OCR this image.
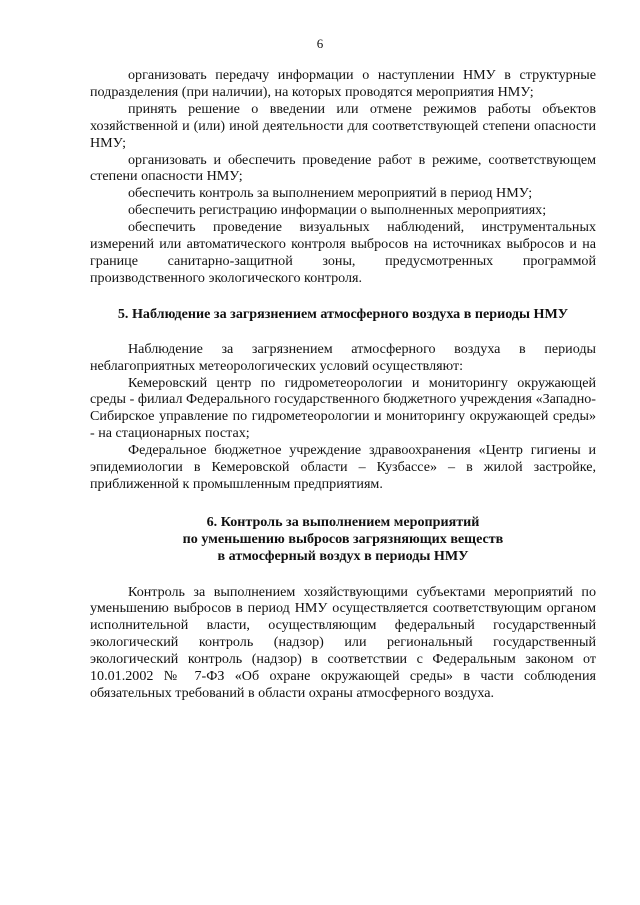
6

организовать передачу информации о наступлении НМУ в структурные подразделения (при наличии), на которых проводятся мероприятия НМУ;

принять решение о введении или отмене режимов работы объектов хозяйственной и (или) иной деятельности для соответствующей степени опасности НМУ;

организовать и обеспечить проведение работ в режиме, соответствующем степени опасности НМУ;

обеспечить контроль за выполнением мероприятий в период НМУ;

обеспечить регистрацию информации о выполненных мероприятиях;

обеспечить проведение визуальных наблюдений, инструментальных измерений или автоматического контроля выбросов на источниках выбросов и на границе санитарно-защитной зоны, предусмотренных программой производственного экологического контроля.

5. Наблюдение за загрязнением атмосферного воздуха в периоды НМУ

Наблюдение за загрязнением атмосферного воздуха в периоды неблагоприятных метеорологических условий осуществляют:

Кемеровский центр по гидрометеорологии и мониторингу окружающей среды - филиал Федерального государственного бюджетного учреждения «Западно-Сибирское управление по гидрометеорологии и мониторингу окружающей среды» - на стационарных постах;

Федеральное бюджетное учреждение здравоохранения «Центр гигиены и эпидемиологии в Кемеровской области – Кузбассе» – в жилой застройке, приближенной к промышленным предприятиям.

6. Контроль за выполнением мероприятий
по уменьшению выбросов загрязняющих веществ
в атмосферный воздух в периоды НМУ

Контроль за выполнением хозяйствующими субъектами мероприятий по уменьшению выбросов в период НМУ осуществляется соответствующим органом исполнительной власти, осуществляющим федеральный государственный экологический контроль (надзор) или региональный государственный экологический контроль (надзор) в соответствии с Федеральным законом от 10.01.2002 № 7-ФЗ «Об охране окружающей среды» в части соблюдения обязательных требований в области охраны атмосферного воздуха.
